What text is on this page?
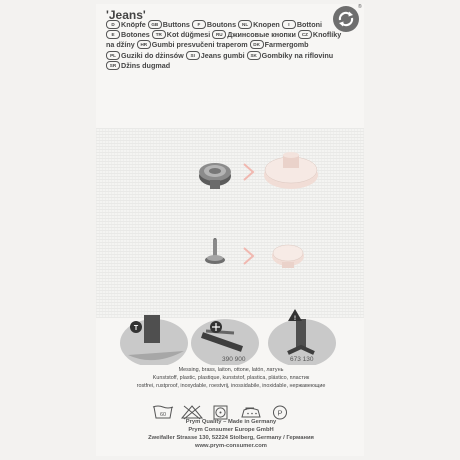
'Jeans'
D Knöpfe GB Buttons F Boutons NL Knopen I Bottoni
E Botones TR Kot düğmesi RU Джинсовые кнопки CZ Knoflíky
na džíny HR Gumbi presvučeni traperom DK Farmergomb
PL Guziki do dżinsów SI Jeans gumbi SK Gombíky na riflovinu
SR Džins dugmad
®
T
!
390 900	673 130
Messing, brass, laiton, ottone, latón, латунь
Kunststoff, plastic, plastique, kunststof, plastica, plástico, пластик
rostfrei, rustproof, inoxydable, roestvrij, inossidabile, inoxidable, нержавеющие
60	P
Prym Quality – Made in Germany
Prym Consumer Europe GmbH
Zweifaller Strasse 130, 52224 Stolberg, Germany / Германия
www.prym-consumer.com
